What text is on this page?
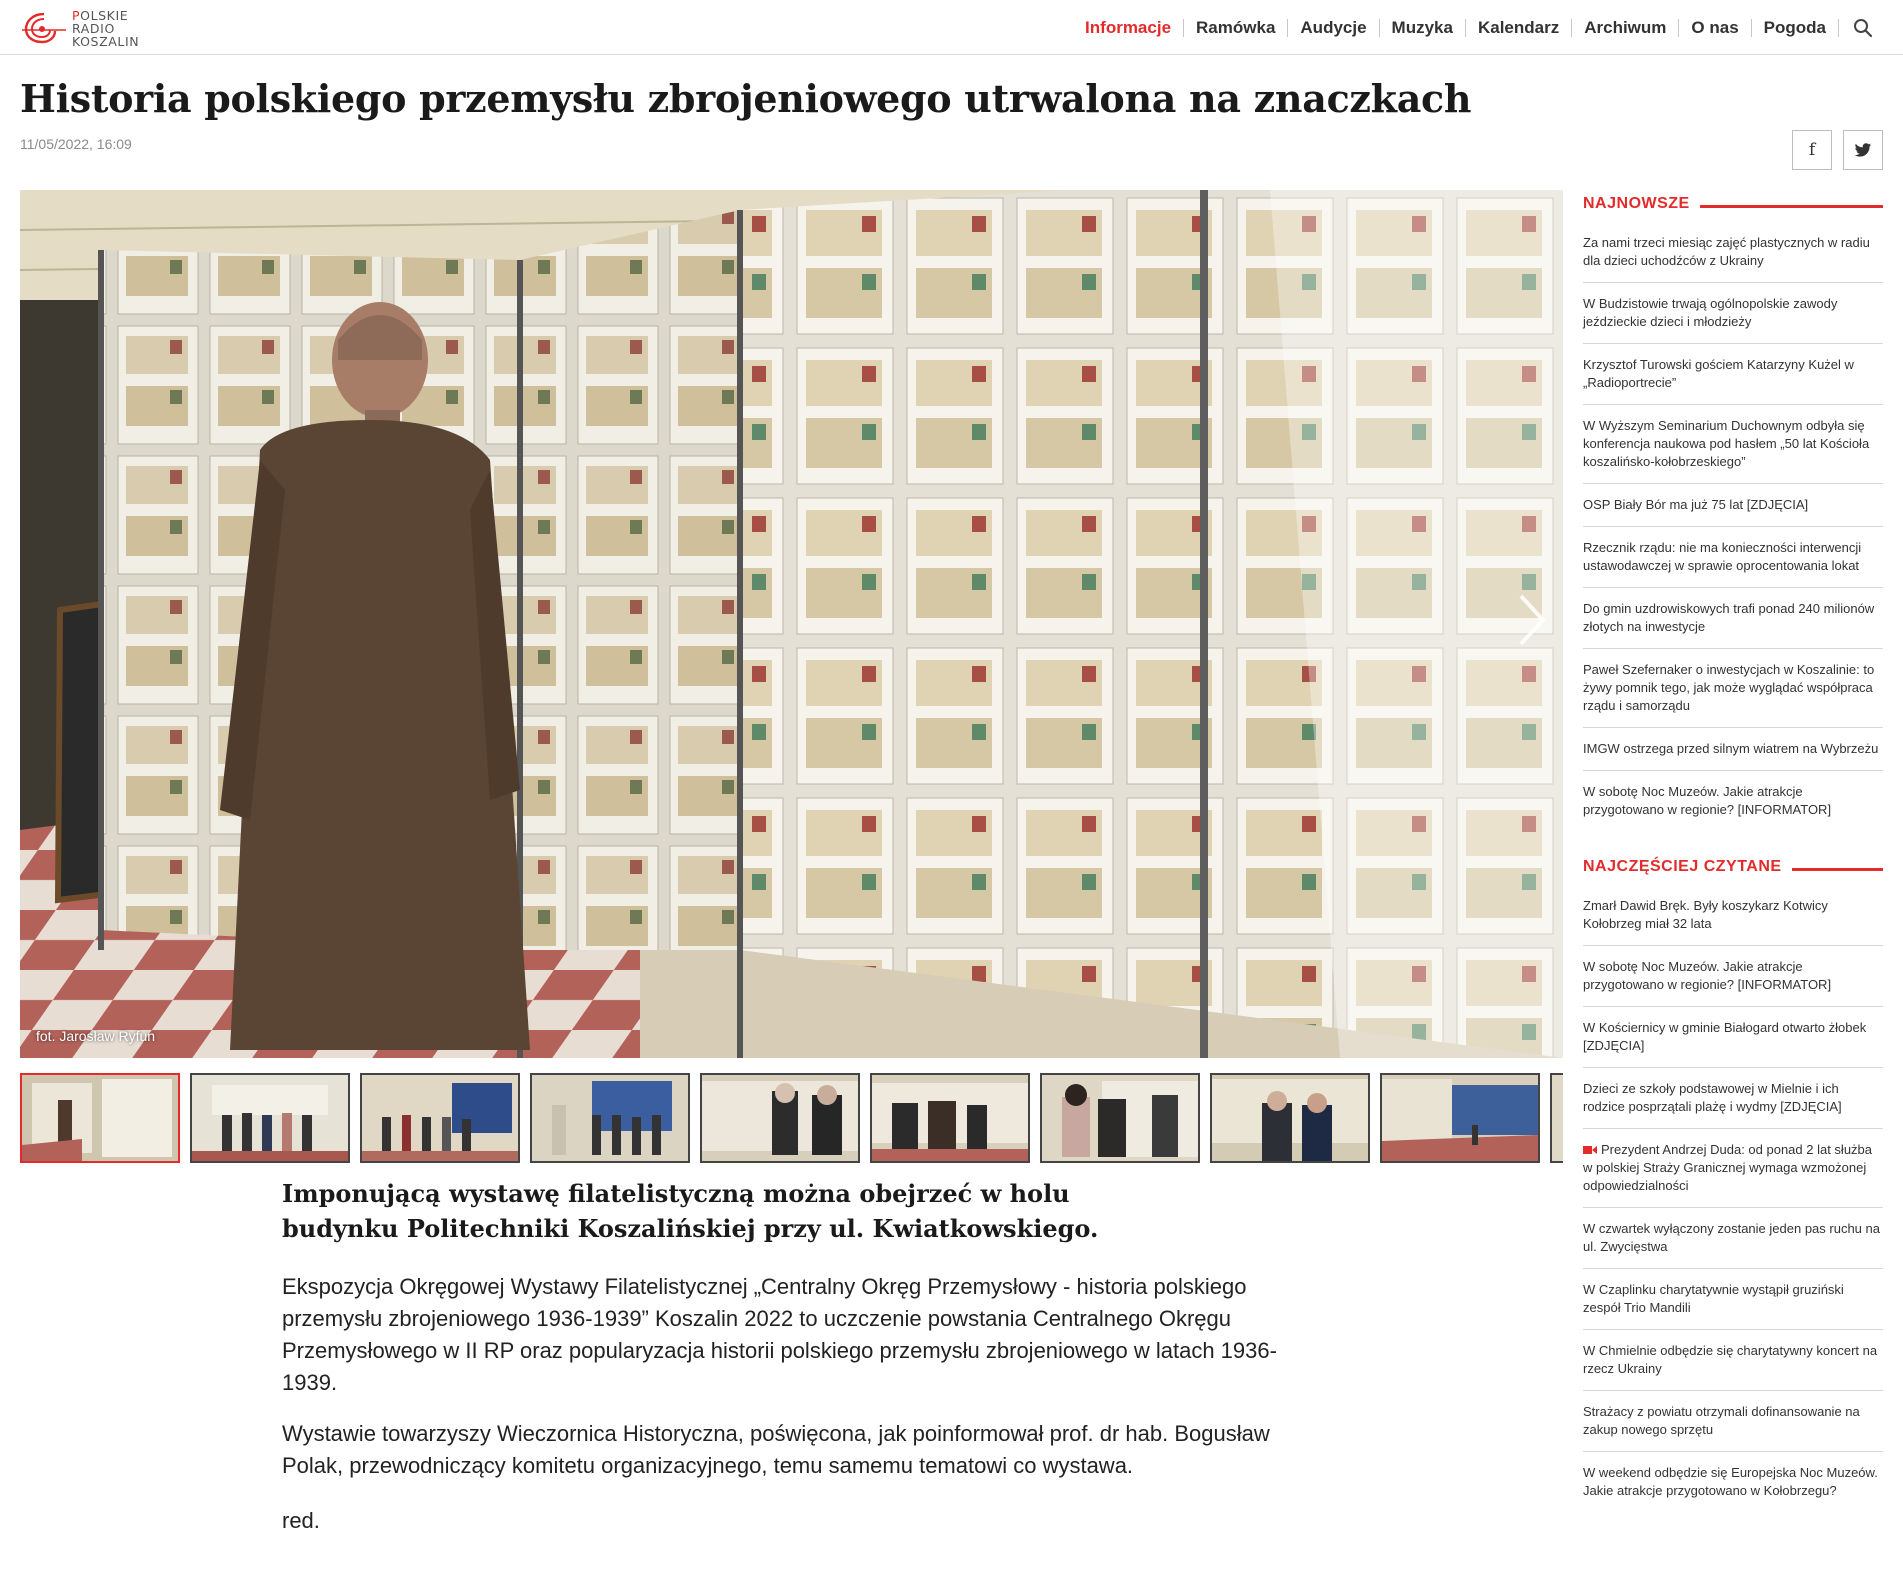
POLSKIE
RADIO
KOSZALIN
Informacje	Ramówka	Audycje	Muzyka	Kalendarz	Archiwum	O nas	Pogoda
Historia polskiego przemysłu zbrojeniowego utrwalona na znaczkach
11/05/2022, 16:09	f
fot. Jarosław Ryfun

Imponującą wystawę filatelistyczną można obejrzeć w holu budynku Politechniki Koszalińskiej przy ul. Kwiatkowskiego.

Ekspozycja Okręgowej Wystawy Filatelistycznej „Centralny Okręg Przemysłowy - historia polskiego przemysłu zbrojeniowego 1936-1939” Koszalin 2022 to uczczenie powstania Centralnego Okręgu Przemysłowego w II RP oraz popularyzacja historii polskiego przemysłu zbrojeniowego w latach 1936-1939.

Wystawie towarzyszy Wieczornica Historyczna, poświęcona, jak poinformował prof. dr hab. Bogusław Polak, przewodniczący komitetu organizacyjnego, temu samemu tematowi co wystawa.

red.

NAJNOWSZE
Za nami trzeci miesiąc zajęć plastycznych w radiu dla dzieci uchodźców z Ukrainy
W Budzistowie trwają ogólnopolskie zawody jeździeckie dzieci i młodzieży
Krzysztof Turowski gościem Katarzyny Kużel w „Radioportrecie”
W Wyższym Seminarium Duchownym odbyła się konferencja naukowa pod hasłem „50 lat Kościoła koszalińsko-kołobrzeskiego”
OSP Biały Bór ma już 75 lat [ZDJĘCIA]
Rzecznik rządu: nie ma konieczności interwencji ustawodawczej w sprawie oprocentowania lokat
Do gmin uzdrowiskowych trafi ponad 240 milionów złotych na inwestycje
Paweł Szefernaker o inwestycjach w Koszalinie: to żywy pomnik tego, jak może wyglądać współpraca rządu i samorządu
IMGW ostrzega przed silnym wiatrem na Wybrzeżu
W sobotę Noc Muzeów. Jakie atrakcje przygotowano w regionie? [INFORMATOR]
NAJCZĘŚCIEJ CZYTANE
Zmarł Dawid Bręk. Były koszykarz Kotwicy Kołobrzeg miał 32 lata
W sobotę Noc Muzeów. Jakie atrakcje przygotowano w regionie? [INFORMATOR]
W Kościernicy w gminie Białogard otwarto żłobek [ZDJĘCIA]
Dzieci ze szkoły podstawowej w Mielnie i ich rodzice posprzątali plażę i wydmy [ZDJĘCIA]
Prezydent Andrzej Duda: od ponad 2 lat służba w polskiej Straży Granicznej wymaga wzmożonej odpowiedzialności
W czwartek wyłączony zostanie jeden pas ruchu na ul. Zwycięstwa
W Czaplinku charytatywnie wystąpił gruziński zespół Trio Mandili
W Chmielnie odbędzie się charytatywny koncert na rzecz Ukrainy
Strażacy z powiatu otrzymali dofinansowanie na zakup nowego sprzętu
W weekend odbędzie się Europejska Noc Muzeów. Jakie atrakcje przygotowano w Kołobrzegu?
